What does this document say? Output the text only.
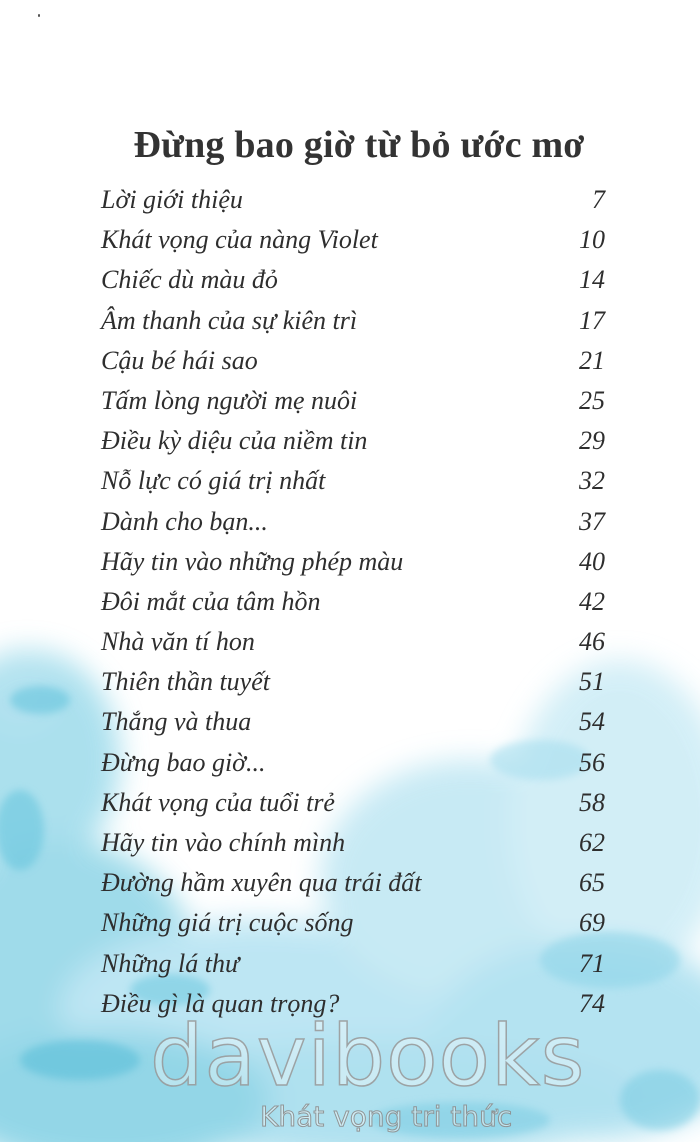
Đừng bao giờ từ bỏ ước mơ
Lời giới thiệu	7
Khát vọng của nàng Violet	10
Chiếc dù màu đỏ	14
Âm thanh của sự kiên trì	17
Cậu bé hái sao	21
Tấm lòng người mẹ nuôi	25
Điều kỳ diệu của niềm tin	29
Nỗ lực có giá trị nhất	32
Dành cho bạn...	37
Hãy tin vào những phép màu	40
Đôi mắt của tâm hồn	42
Nhà văn tí hon	46
Thiên thần tuyết	51
Thắng và thua	54
Đừng bao giờ...	56
Khát vọng của tuổi trẻ	58
Hãy tin vào chính mình	62
Đường hầm xuyên qua trái đất	65
Những giá trị cuộc sống	69
Những lá thư	71
Điều gì là quan trọng?	74
davibooks
Khát vọng tri thức
